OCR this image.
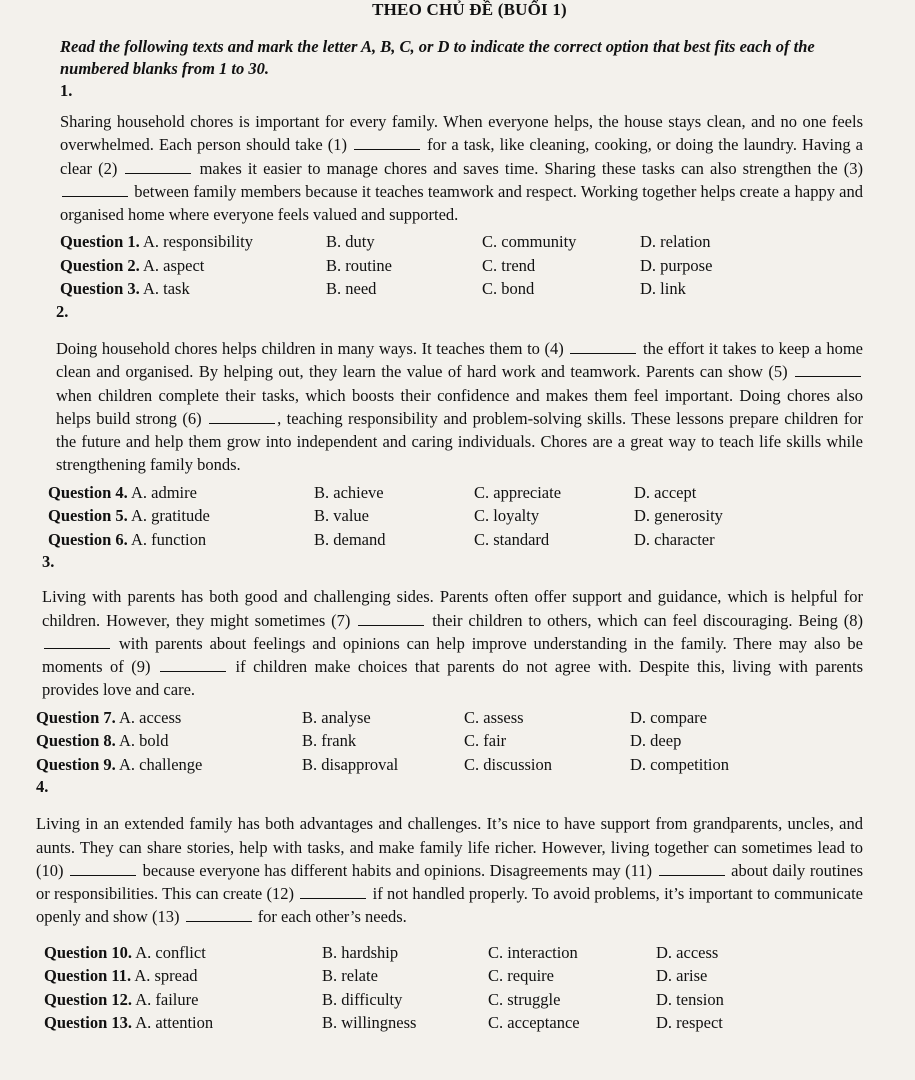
THEO CHỦ ĐỀ (BUỔI 1)
Read the following texts and mark the letter A, B, C, or D to indicate the correct option that best fits each of the numbered blanks from 1 to 30.
1.
Sharing household chores is important for every family. When everyone helps, the house stays clean, and no one feels overwhelmed. Each person should take (1)	for a task, like cleaning, cooking, or doing the laundry. Having a clear (2)	makes it easier to manage chores and saves time. Sharing these tasks can also strengthen the (3)  between family members because it teaches teamwork and respect. Working together helps create a happy and organised home where everyone feels valued and supported.
Question 1. A. responsibility	B. duty	C. community	D. relation
Question 2. A. aspect	B. routine	C. trend	D. purpose
Question 3. A. task	B. need	C. bond	D. link
2.
Doing household chores helps children in many ways. It teaches them to (4)	the effort it takes to keep a home clean and organised. By helping out, they learn the value of hard work and teamwork. Parents can show (5)  when children complete their tasks, which boosts their confidence and makes them feel important. Doing chores also helps build strong (6)	, teaching responsibility and problem-solving skills. These lessons prepare children for the future and help them grow into independent and caring individuals. Chores are a great way to teach life skills while strengthening family bonds.
Question 4. A. admire	B. achieve	C. appreciate	D. accept
Question 5. A. gratitude	B. value	C. loyalty	D. generosity
Question 6. A. function	B. demand	C. standard	D. character
3.
Living with parents has both good and challenging sides. Parents often offer support and guidance, which is helpful for children. However, they might sometimes (7)	their children to others, which can feel discouraging. Being (8)  with parents about feelings and opinions can help improve understanding in the family. There may also be moments of (9)	if children make choices that parents do not agree with. Despite this, living with parents provides love and care.
Question 7. A. access	B. analyse	C. assess	D. compare
Question 8. A. bold	B. frank	C. fair	D. deep
Question 9. A. challenge	B. disapproval	C. discussion	D. competition
4.
Living in an extended family has both advantages and challenges. It’s nice to have support from grandparents, uncles, and aunts. They can share stories, help with tasks, and make family life richer. However, living together can sometimes lead to (10)	because everyone has different habits and opinions. Disagreements may (11)	about daily routines or responsibilities. This can create (12)	if not handled properly. To avoid problems, it’s important to communicate openly and show (13)	for each other’s needs.
Question 10. A. conflict	B. hardship	C. interaction	D. access
Question 11. A. spread	B. relate	C. require	D. arise
Question 12. A. failure	B. difficulty	C. struggle	D. tension
Question 13. A. attention	B. willingness	C. acceptance	D. respect
